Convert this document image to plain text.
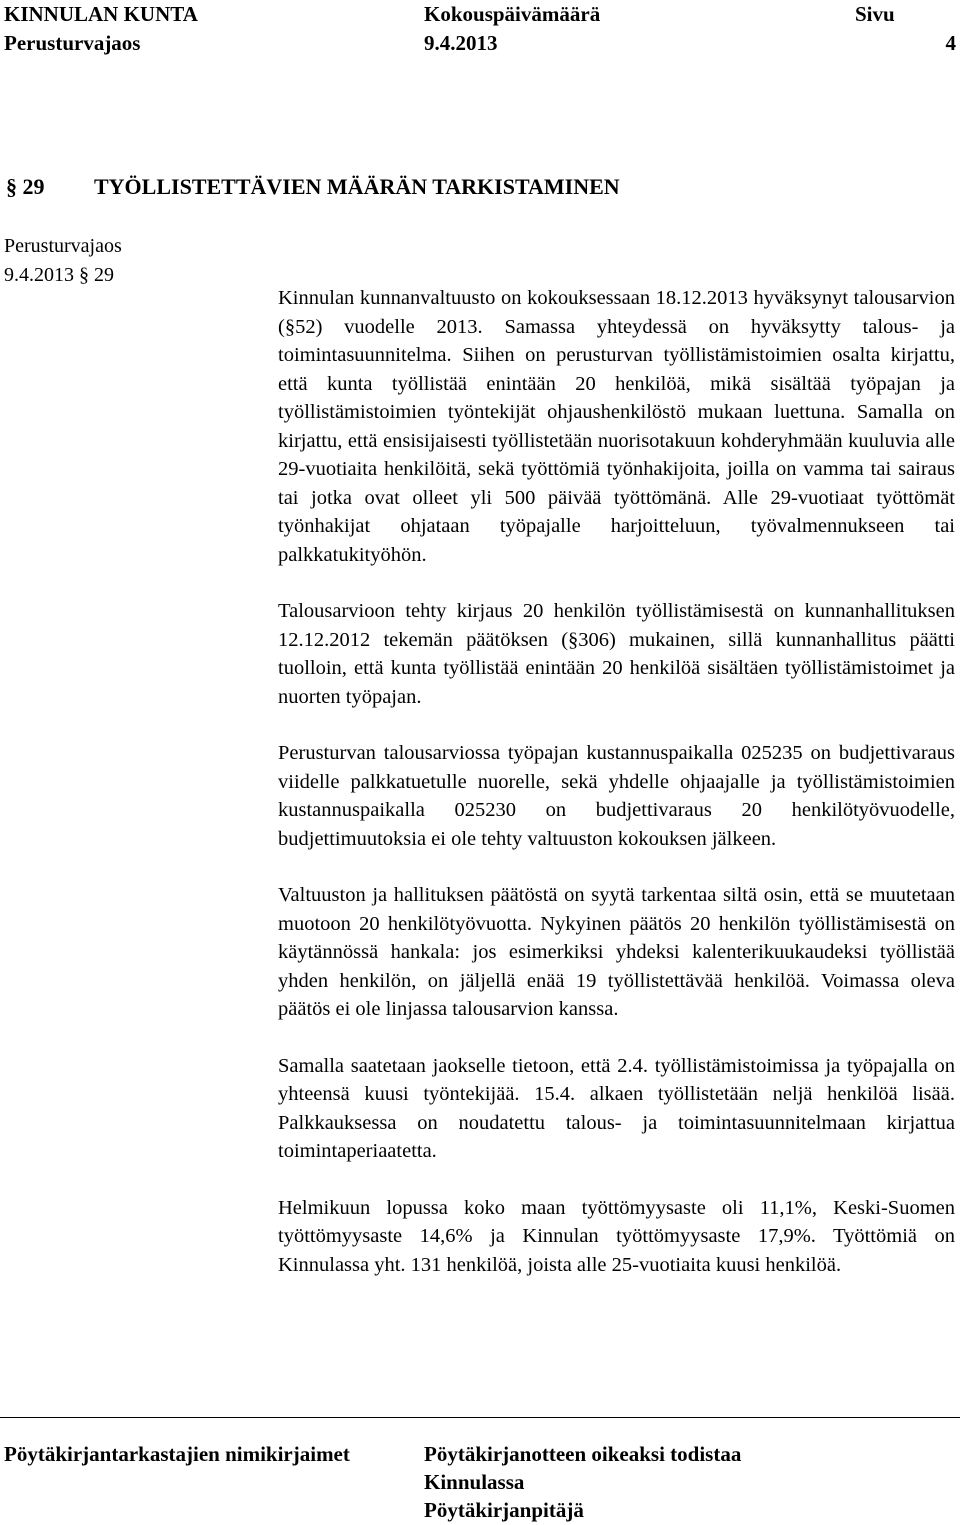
KINNULAN KUNTA
Perusturvajaos
Kokouspäivämäärä
9.4.2013
Sivu
4
§ 29 TYÖLLISTETTÄVIEN MÄÄRÄN TARKISTAMINEN
Perusturvajaos
9.4.2013 § 29

Kinnulan kunnanvaltuusto on kokouksessaan 18.12.2013 hyväksynyt talousarvion (§52) vuodelle 2013. Samassa yhteydessä on hyväksytty talous- ja toimintasuunnitelma. Siihen on perusturvan työllistämistoimien osalta kirjattu, että kunta työllistää enintään 20 henkilöä, mikä sisältää työpajan ja työllistämistoimien työntekijät ohjaushenkilöstö mukaan luettuna. Samalla on kirjattu, että ensisijaisesti työllistetään nuorisotakuun kohderyhmään kuuluvia alle 29-vuotiaita henkilöitä, sekä työttömiä työnhakijoita, joilla on vamma tai sairaus tai jotka ovat olleet yli 500 päivää työttömänä. Alle 29-vuotiaat työttömät työnhakijat ohjataan työpajalle harjoitteluun, työvalmennukseen tai palkkatukityöhön.

Talousarvioon tehty kirjaus 20 henkilön työllistämisestä on kunnanhallituksen 12.12.2012 tekemän päätöksen (§306) mukainen, sillä kunnanhallitus päätti tuolloin, että kunta työllistää enintään 20 henkilöä sisältäen työllistämistoimet ja nuorten työpajan.

Perusturvan talousarviossa työpajan kustannuspaikalla 025235 on budjettivaraus viidelle palkkatuetulle nuorelle, sekä yhdelle ohjaajalle ja työllistämistoimien kustannuspaikalla 025230 on budjettivaraus 20 henkilötyövuodelle, budjettimuutoksia ei ole tehty valtuuston kokouksen jälkeen.

Valtuuston ja hallituksen päätöstä on syytä tarkentaa siltä osin, että se muutetaan muotoon 20 henkilötyövuotta. Nykyinen päätös 20 henkilön työllistämisestä on käytännössä hankala: jos esimerkiksi yhdeksi kalenterikuukaudeksi työllistää yhden henkilön, on jäljellä enää 19 työllistettävää henkilöä. Voimassa oleva päätös ei ole linjassa talousarvion kanssa.

Samalla saatetaan jaokselle tietoon, että 2.4. työllistämistoimissa ja työpajalla on yhteensä kuusi työntekijää. 15.4. alkaen työllistetään neljä henkilöä lisää. Palkkauksessa on noudatettu talous- ja toimintasuunnitelmaan kirjattua toimintaperiaatetta.

Helmikuun lopussa koko maan työttömyysaste oli 11,1%, Keski-Suomen työttömyysaste 14,6% ja Kinnulan työttömyysaste 17,9%. Työttömiä on Kinnulassa yht. 131 henkilöä, joista alle 25-vuotiaita kuusi henkilöä.

Pöytäkirjantarkastajien nimikirjaimet	Pöytäkirjanotteen oikeaksi todistaa
Kinnulassa
Pöytäkirjanpitäjä
